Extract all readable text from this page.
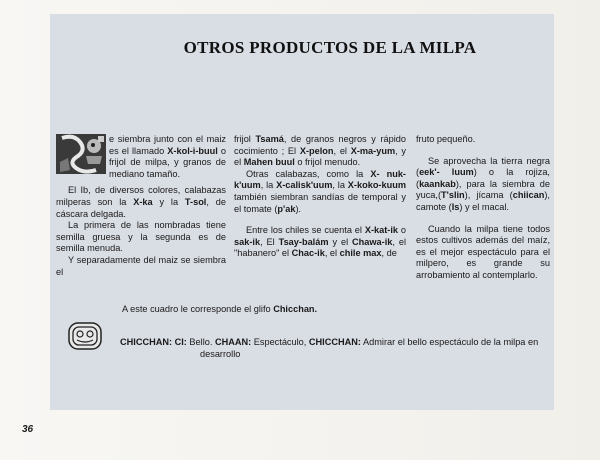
OTROS PRODUCTOS DE LA MILPA

e siembra junto con el maiz es el llamado X-kol-i-buul o frijol de milpa, y granos de mediano tamaño.

El Ib, de diversos colores, calabazas milperas son la X-ka y la T-sol, de cáscara delgada.

La primera de las nombradas tiene semilla gruesa y la segunda es de semilla menuda.

Y separadamente del maiz se siembra el

frijol Tsamá, de granos negros y rápido cocimiento ; El X-pelon, el X-ma-yum, y el Mahen buul o frijol menudo.

Otras calabazas, como la X- nuk-k'uum, la X-calisk'uum, la X-koko-kuum también siembran sandías de temporal y el tomate (p'ak).

Entre los chiles se cuenta el X-kat-ik o sak-ik, El Tsay-balám y el Chawa-ik, el "habanero" el Chac-ik, el chile max, de

fruto pequeño.

Se aprovecha la tierra negra (eek'- luum) o la rojiza, (kaankab), para la siembra de yuca,(T'slin), jícama (chiican), camote (Is) y el macal.

Cuando la milpa tiene todos estos cultivos además del maíz, es el mejor espectáculo para el milpero, es grande su arrobamiento al contemplarlo.

A este cuadro le corresponde el glifo Chicchan.
CHICCHAN: CI: Bello. CHAAN: Espectáculo, CHICCHAN: Admirar el bello espectáculo de la milpa en
desarrollo
36
